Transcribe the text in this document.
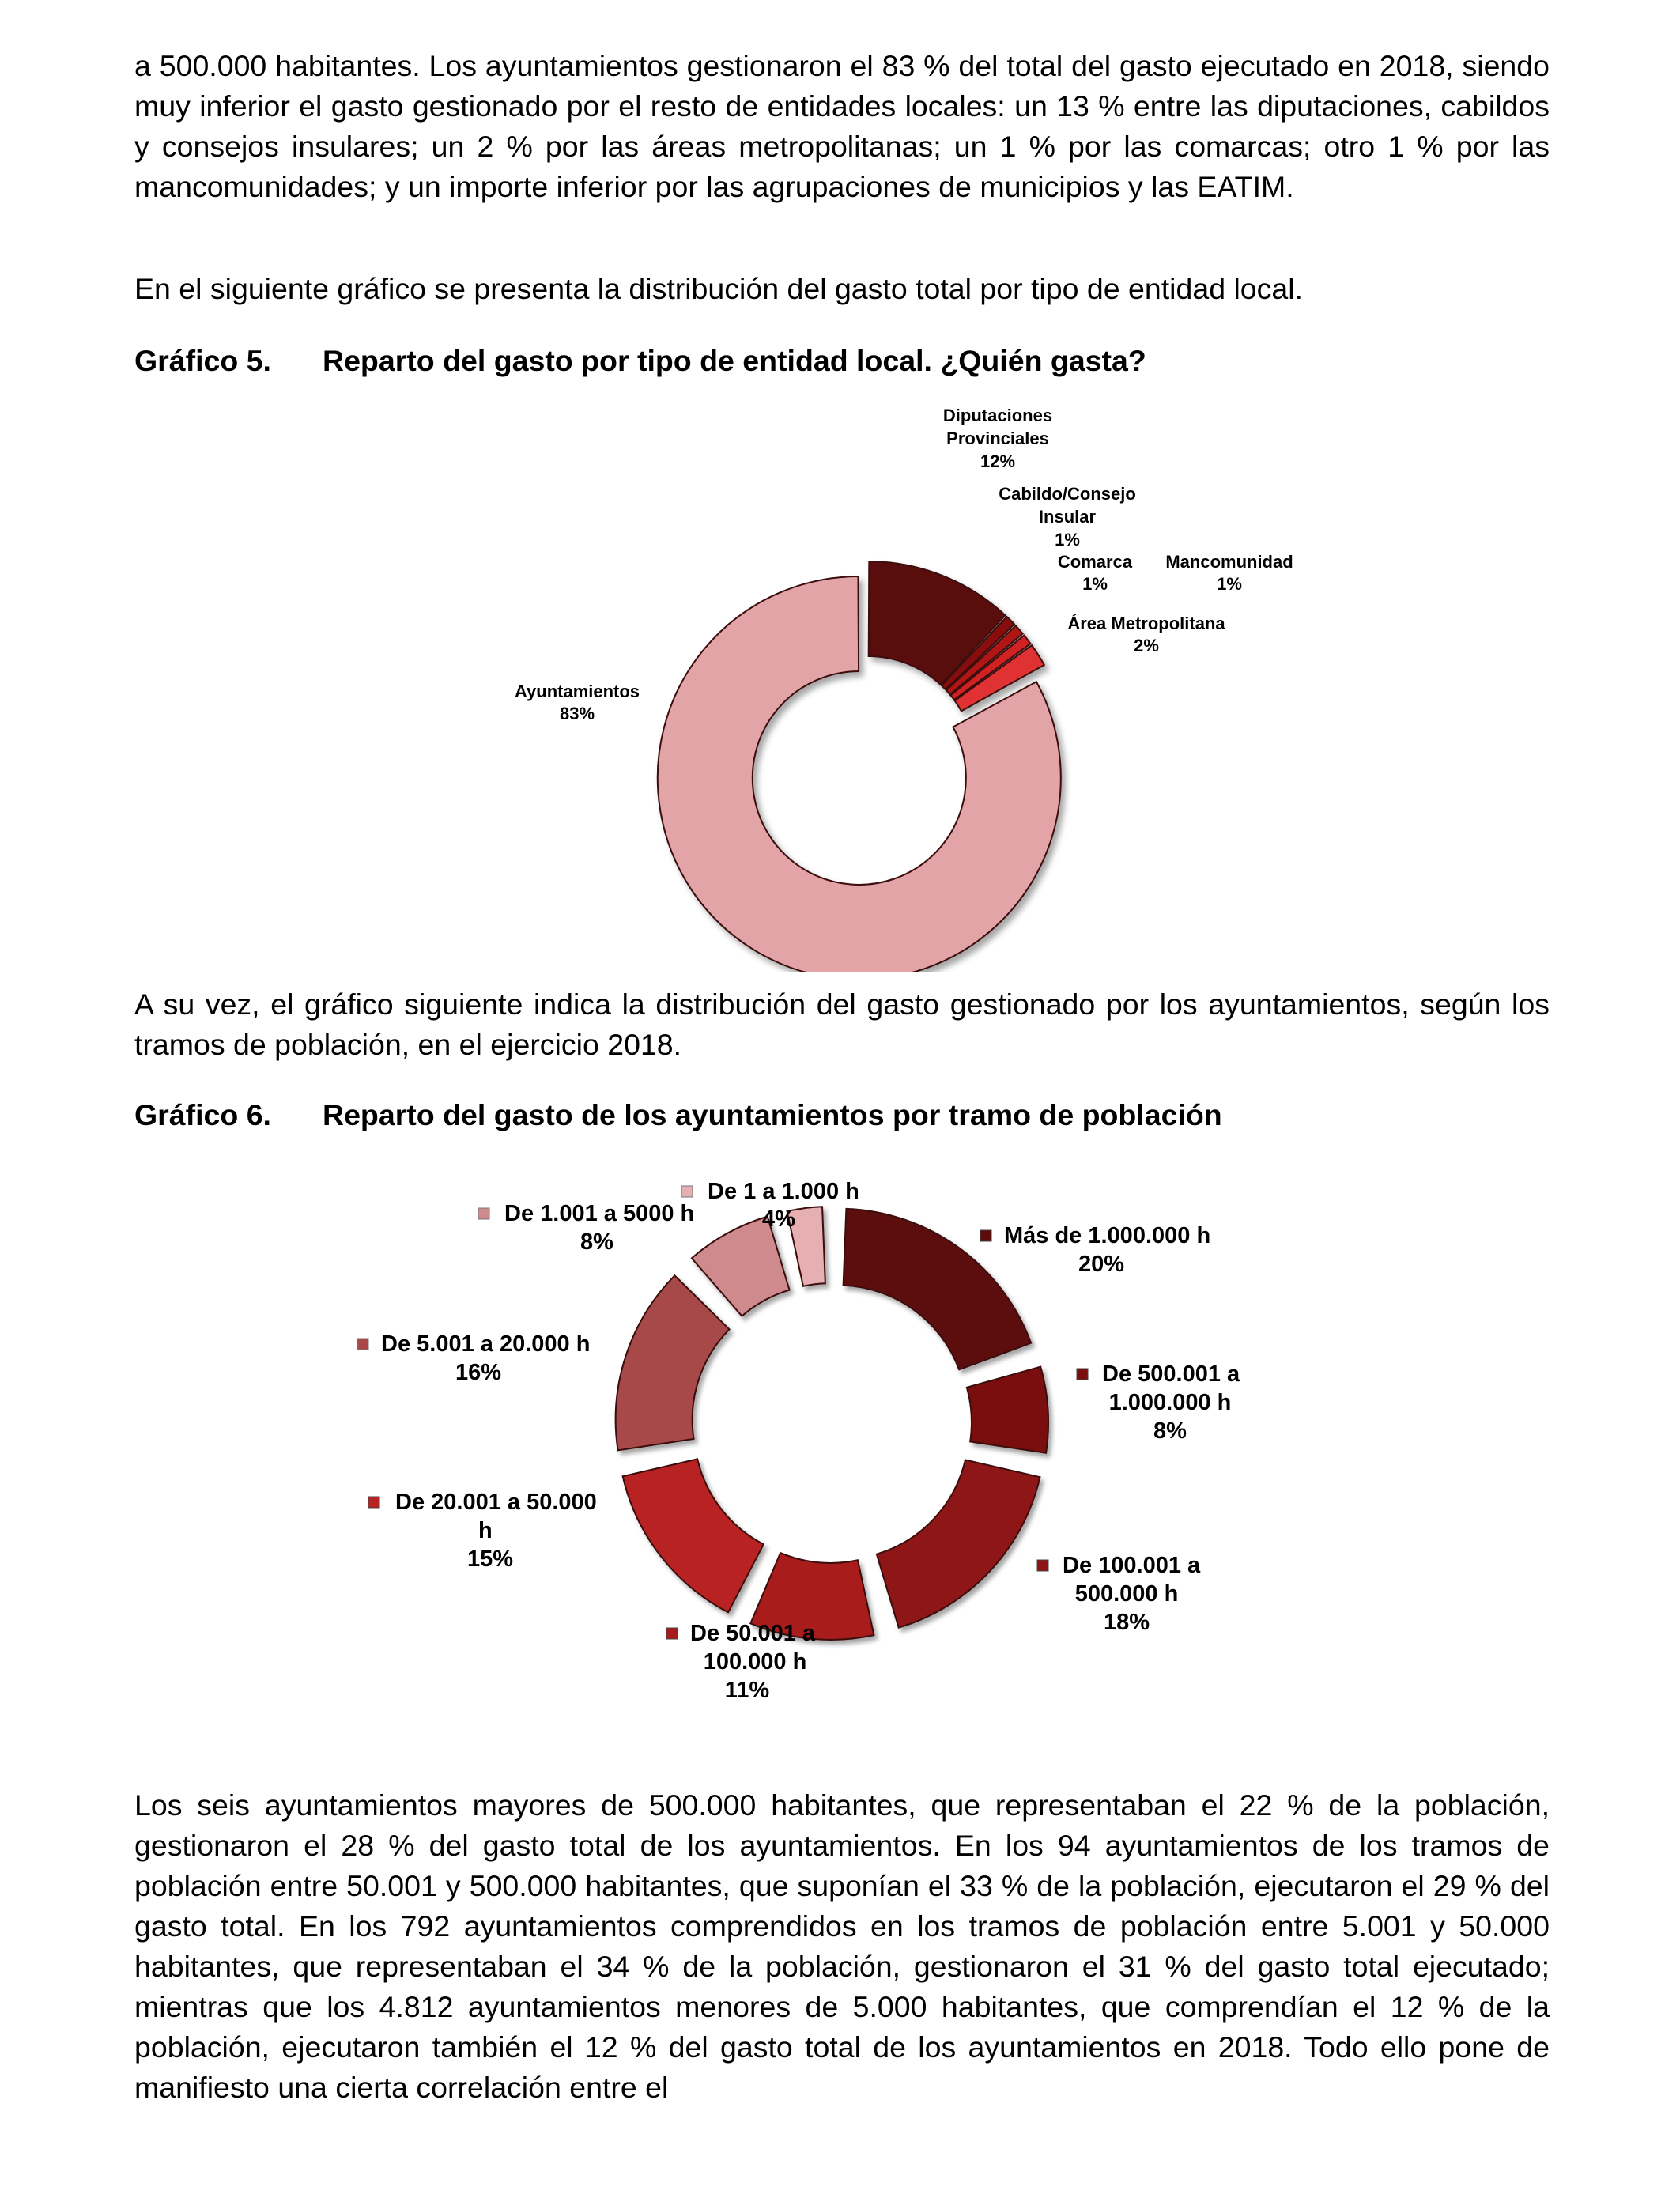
a 500.000 habitantes. Los ayuntamientos gestionaron el 83 % del total del gasto ejecutado en 2018, siendo muy inferior el gasto gestionado por el resto de entidades locales: un 13 % entre las diputaciones, cabildos y consejos insulares; un 2 % por las áreas metropolitanas; un 1 % por las comarcas; otro 1 % por las mancomunidades; y un importe inferior por las agrupaciones de municipios y las EATIM.

En el siguiente gráfico se presenta la distribución del gasto total por tipo de entidad local.

Gráfico 5. Reparto del gasto por tipo de entidad local. ¿Quién gasta?
Diputaciones Provinciales
12%
Cabildo/Consejo Insular
1%
Comarca
1%
Mancomunidad
1%
Área Metropolitana
2%
Ayuntamientos
83%

A su vez, el gráfico siguiente indica la distribución del gasto gestionado por los ayuntamientos, según los tramos de población, en el ejercicio 2018.

Gráfico 6. Reparto del gasto de los ayuntamientos por tramo de población
De 1 a 1.000 h
4%
De 1.001 a 5000 h
8%	Más de 1.000.000 h
20%
De 5.001 a 20.000 h
16%	De 500.001 a
1.000.000 h
8%
De 20.001 a 50.000 h
15%	De 100.001 a
500.000 h
18%
De 50.001 a
100.000 h
11%

Los seis ayuntamientos mayores de 500.000 habitantes, que representaban el 22 % de la población, gestionaron el 28 % del gasto total de los ayuntamientos. En los 94 ayuntamientos de los tramos de población entre 50.001 y 500.000 habitantes, que suponían el 33 % de la población, ejecutaron el 29 % del gasto total. En los 792 ayuntamientos comprendidos en los tramos de población entre 5.001 y 50.000 habitantes, que representaban el 34 % de la población, gestionaron el 31 % del gasto total ejecutado; mientras que los 4.812 ayuntamientos menores de 5.000 habitantes, que comprendían el 12 % de la población, ejecutaron también el 12 % del gasto total de los ayuntamientos en 2018. Todo ello pone de manifiesto una cierta correlación entre el
